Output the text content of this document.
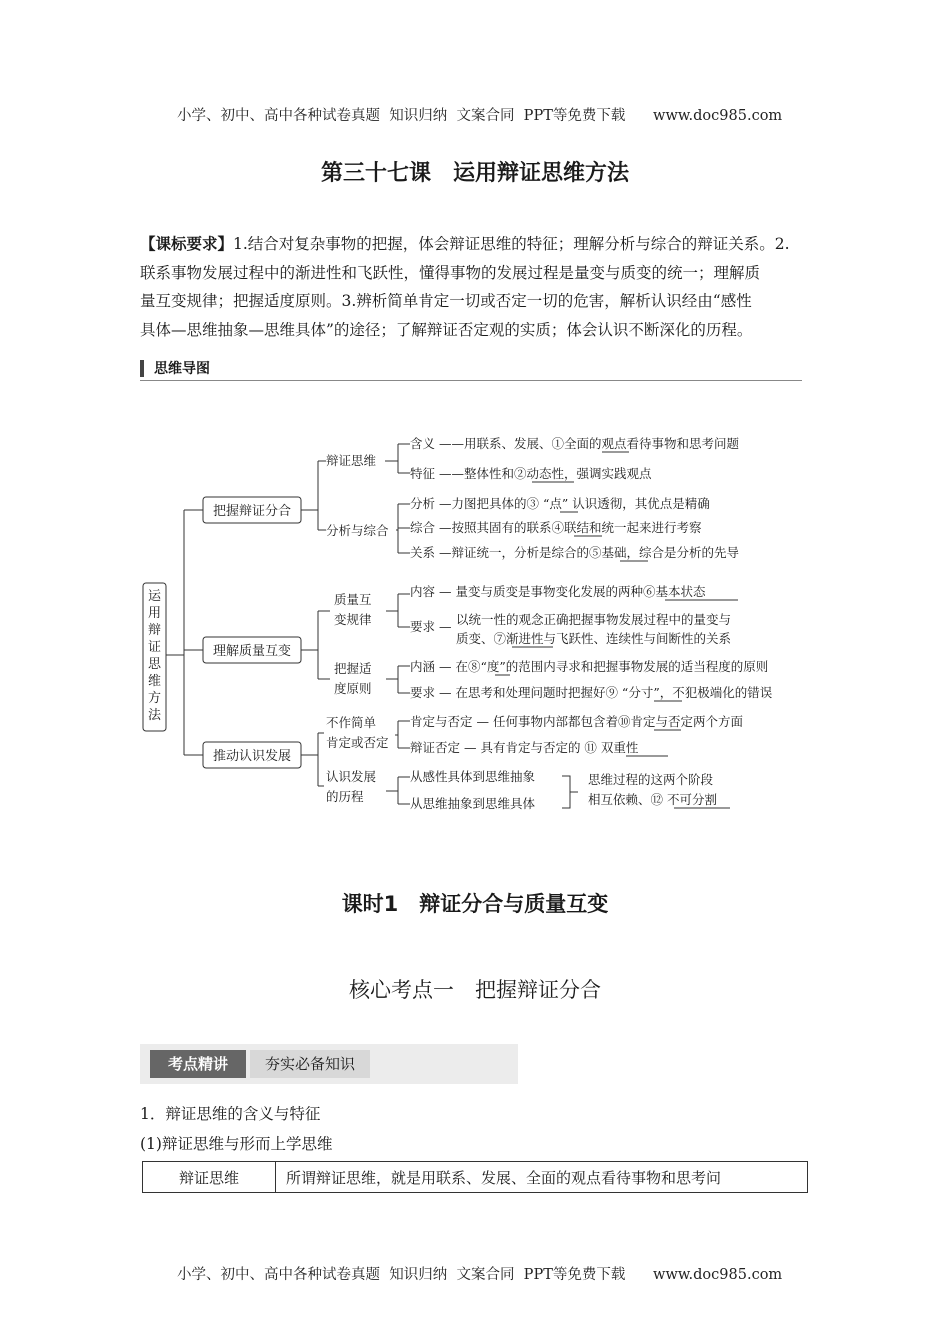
小学、初中、高中各种试卷真题  知识归纳  文案合同  PPT等免费下载 www.doc985.com

第三十七课　运用辩证思维方法
【课标要求】1.结合对复杂事物的把握，体会辩证思维的特征；理解分析与综合的辩证关系。2.
联系事物发展过程中的渐进性和飞跃性，懂得事物的发展过程是量变与质变的统一；理解质
量互变规律；把握适度原则。3.辨析简单肯定一切或否定一切的危害，解析认识经由“感性
具体—思维抽象—思维具体”的途径；了解辩证否定观的实质；体会认识不断深化的历程。
思维导图
运
用
辩
证
思
维
方
法
把握辩证分合
理解质量互变
推动认识发展
辩证思维
分析与综合
含义 ——用联系、发展、①全面的观点看待事物和思考问题
特征 ——整体性和②动态性，强调实践观点
分析 —力图把具体的③ “点” 认识透彻，其优点是精确
综合 —按照其固有的联系④联结和统一起来进行考察
关系 —辩证统一，分析是综合的⑤基础，综合是分析的先导
质量互
变规律
把握适
度原则
内容 — 量变与质变是事物变化发展的两种⑥基本状态
要求 — 以统一性的观念正确把握事物发展过程中的量变与
质变、⑦渐进性与飞跃性、连续性与间断性的关系
内涵 — 在⑧“度”的范围内寻求和把握事物发展的适当程度的原则
要求 — 在思考和处理问题时把握好⑨ “分寸”，不犯极端化的错误
不作简单
肯定或否定
认识发展
的历程
肯定与否定 — 任何事物内部都包含着⑩肯定与否定两个方面
辩证否定 — 具有肯定与否定的 ⑪ 双重性
从感性具体到思维抽象
从思维抽象到思维具体
思维过程的这两个阶段
相互依赖、⑫ 不可分割
课时1　辩证分合与质量互变
核心考点一　把握辩证分合
考点精讲	夯实必备知识
1．辩证思维的含义与特征
(1)辩证思维与形而上学思维
辩证思维	所谓辩证思维，就是用联系、发展、全面的观点看待事物和思考问

小学、初中、高中各种试卷真题  知识归纳  文案合同  PPT等免费下载 www.doc985.com
